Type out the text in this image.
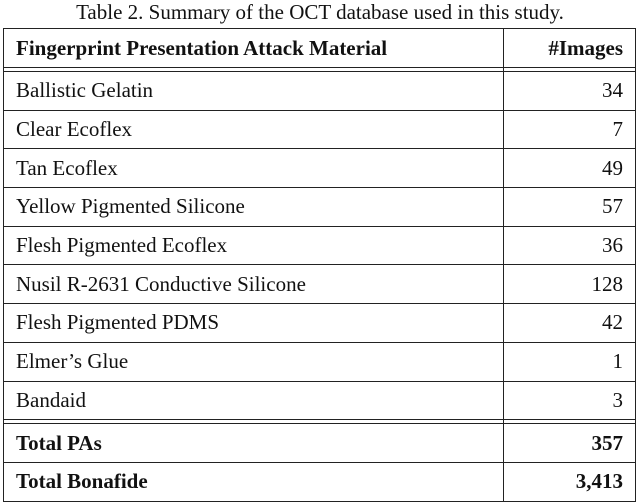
Table 2. Summary of the OCT database used in this study.
Fingerprint Presentation Attack Material	#Images

Ballistic Gelatin	34
Clear Ecoflex	7
Tan Ecoflex	49
Yellow Pigmented Silicone	57
Flesh Pigmented Ecoflex	36
Nusil R-2631 Conductive Silicone	128
Flesh Pigmented PDMS	42
Elmer’s Glue	1
Bandaid	3

Total PAs	357
Total Bonafide	3,413
